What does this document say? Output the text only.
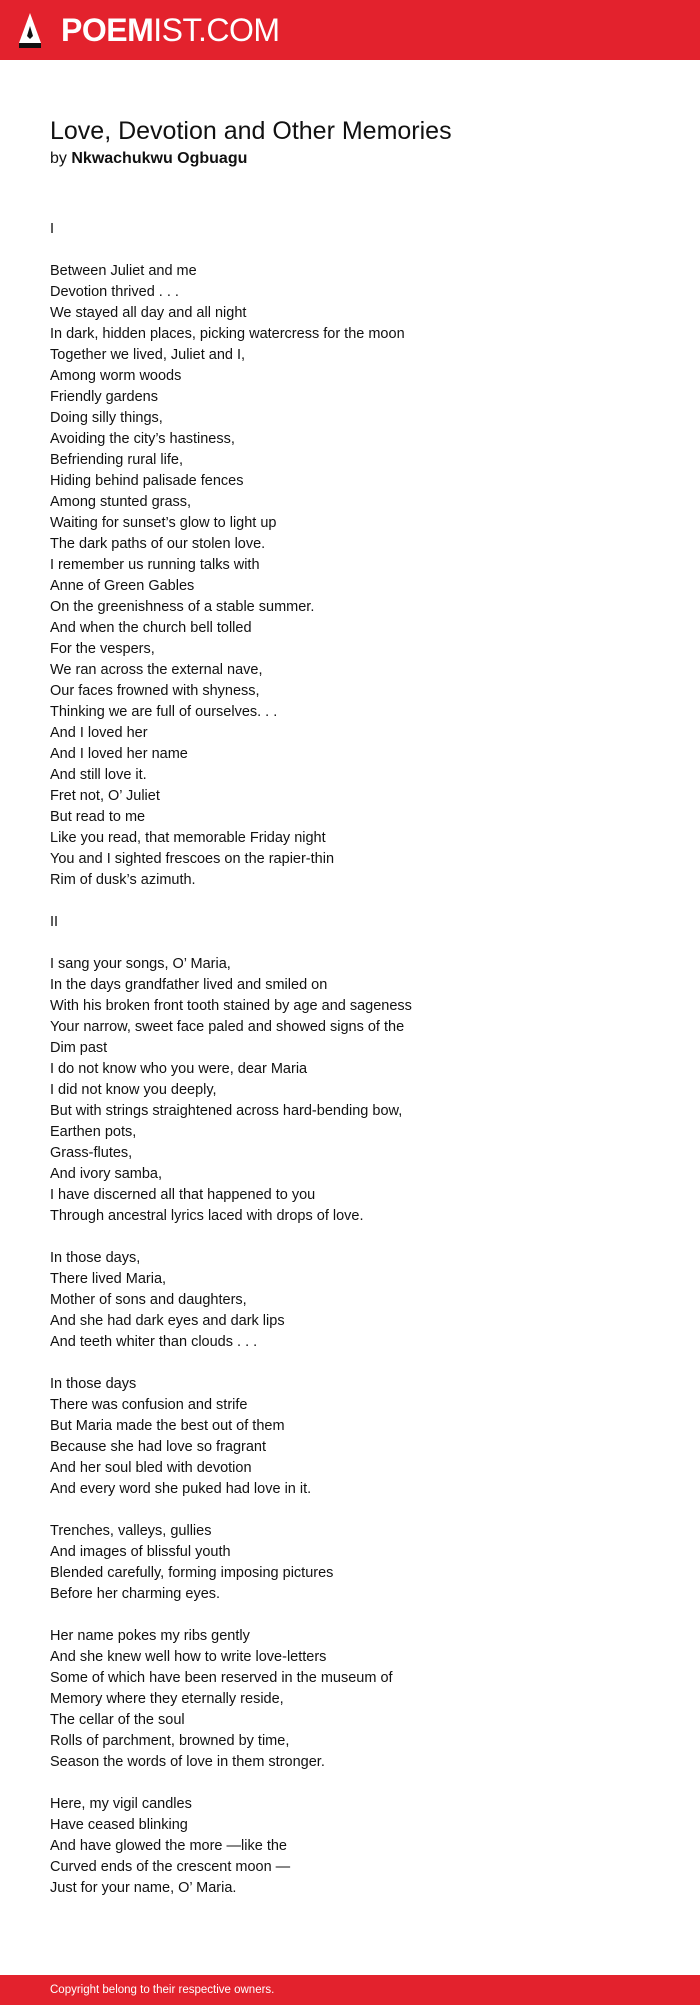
POEMIST.COM
Love, Devotion and Other Memories
by Nkwachukwu Ogbuagu
I
Between Juliet and me
Devotion thrived . . .
We stayed all day and all night
In dark, hidden places, picking watercress for the moon
Together we lived, Juliet and I,
Among worm woods
Friendly gardens
Doing silly things,
Avoiding the city’s hastiness,
Befriending rural life,
Hiding behind palisade fences
Among stunted grass,
Waiting for sunset’s glow to light up
The dark paths of our stolen love.
I remember us running talks with
Anne of Green Gables
On the greenishness of a stable summer.
And when the church bell tolled
For the vespers,
We ran across the external nave,
Our faces frowned with shyness,
Thinking we are full of ourselves. . .
And I loved her
And I loved her name
And still love it.
Fret not, O’ Juliet
But read to me
Like you read, that memorable Friday night
You and I sighted frescoes on the rapier-thin
Rim of dusk’s azimuth.
II
I sang your songs, O’ Maria,
In the days grandfather lived and smiled on
With his broken front tooth stained by age and sageness
Your narrow, sweet face paled and showed signs of the
Dim past
I do not know who you were, dear Maria
I did not know you deeply,
But with strings straightened across hard-bending bow,
Earthen pots,
Grass-flutes,
And ivory samba,
I have discerned all that happened to you
Through ancestral lyrics laced with drops of love.
In those days,
There lived Maria,
Mother of sons and daughters,
And she had dark eyes and dark lips
And teeth whiter than clouds . . .
In those days
There was confusion and strife
But Maria made the best out of them
Because she had love so fragrant
And her soul bled with devotion
And every word she puked had love in it.
Trenches, valleys, gullies
And images of blissful youth
Blended carefully, forming imposing pictures
Before her charming eyes.
Her name pokes my ribs gently
And she knew well how to write love-letters
Some of which have been reserved in the museum of
Memory where they eternally reside,
The cellar of the soul
Rolls of parchment, browned by time,
Season the words of love in them stronger.
Here, my vigil candles
Have ceased blinking
And have glowed the more —like the
Curved ends of the crescent moon —
Just for your name, O’ Maria.
Copyright belong to their respective owners.
